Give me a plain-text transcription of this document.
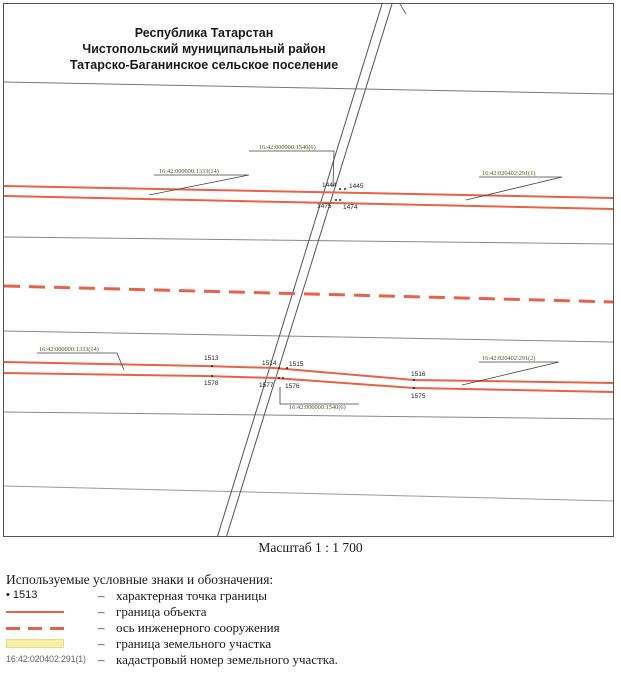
16:42:000000:1333(14)
16:42:000000:1540(6)
16:42:020402:291(1)
16:42:000000:1333(14)
16:42:000000:1540(6)
16:42:020402:291(2)
1444 1445
1475 1474
1513
1514 1515
1516
1578	1577 1576
1575
Республика Татарстан
Чистопольский муниципальный район
Татарско-Баганинское сельское поселение
Масштаб 1 : 1 700
Используемые условные знаки и обозначения:
• 1513	– характерная точка границы
– граница объекта
– ось инженерного сооружения
– граница земельного участка
16:42:020402:291(1) – кадастровый номер земельного участка.
